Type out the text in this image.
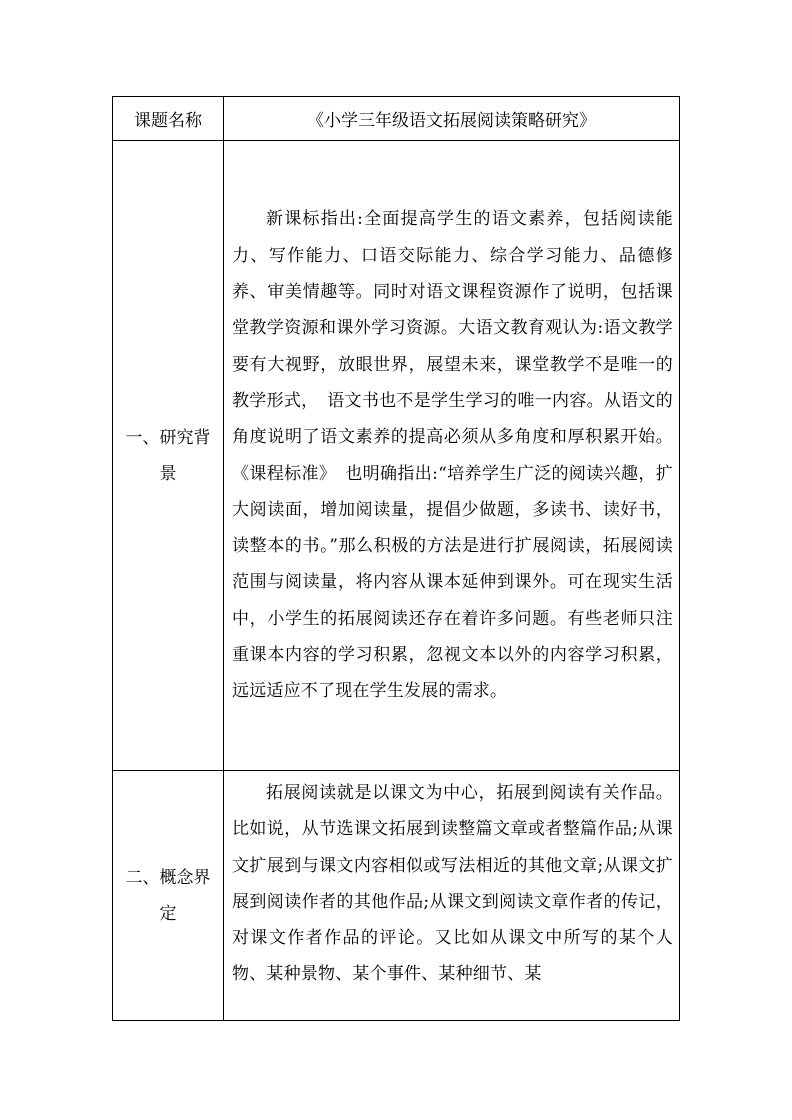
课题名称	《小学三年级语文拓展阅读策略研究》
一、研究背景	新课标指出:全面提高学生的语文素养，包括阅读能力、写作能力、口语交际能力、综合学习能力、品德修养、审美情趣等。同时对语文课程资源作了说明，包括课堂教学资源和课外学习资源。大语文教育观认为:语文教学要有大视野，放眼世界，展望未来，课堂教学不是唯一的教学形式，　语文书也不是学生学习的唯一内容。从语文的角度说明了语文素养的提高必须从多角度和厚积累开始。《课程标准》　也明确指出:“培养学生广泛的阅读兴趣，扩大阅读面，增加阅读量，提倡少做题，多读书、读好书，读整本的书。”那么积极的方法是进行扩展阅读，拓展阅读范围与阅读量，将内容从课本延伸到课外。可在现实生活中，小学生的拓展阅读还存在着许多问题。有些老师只注重课本内容的学习积累，忽视文本以外的内容学习积累，远远适应不了现在学生发展的需求。
二、概念界定	拓展阅读就是以课文为中心，拓展到阅读有关作品。比如说，从节选课文拓展到读整篇文章或者整篇作品;从课文扩展到与课文内容相似或写法相近的其他文章;从课文扩展到阅读作者的其他作品;从课文到阅读文章作者的传记，对课文作者作品的评论。又比如从课文中所写的某个人物、某种景物、某个事件、某种细节、某
